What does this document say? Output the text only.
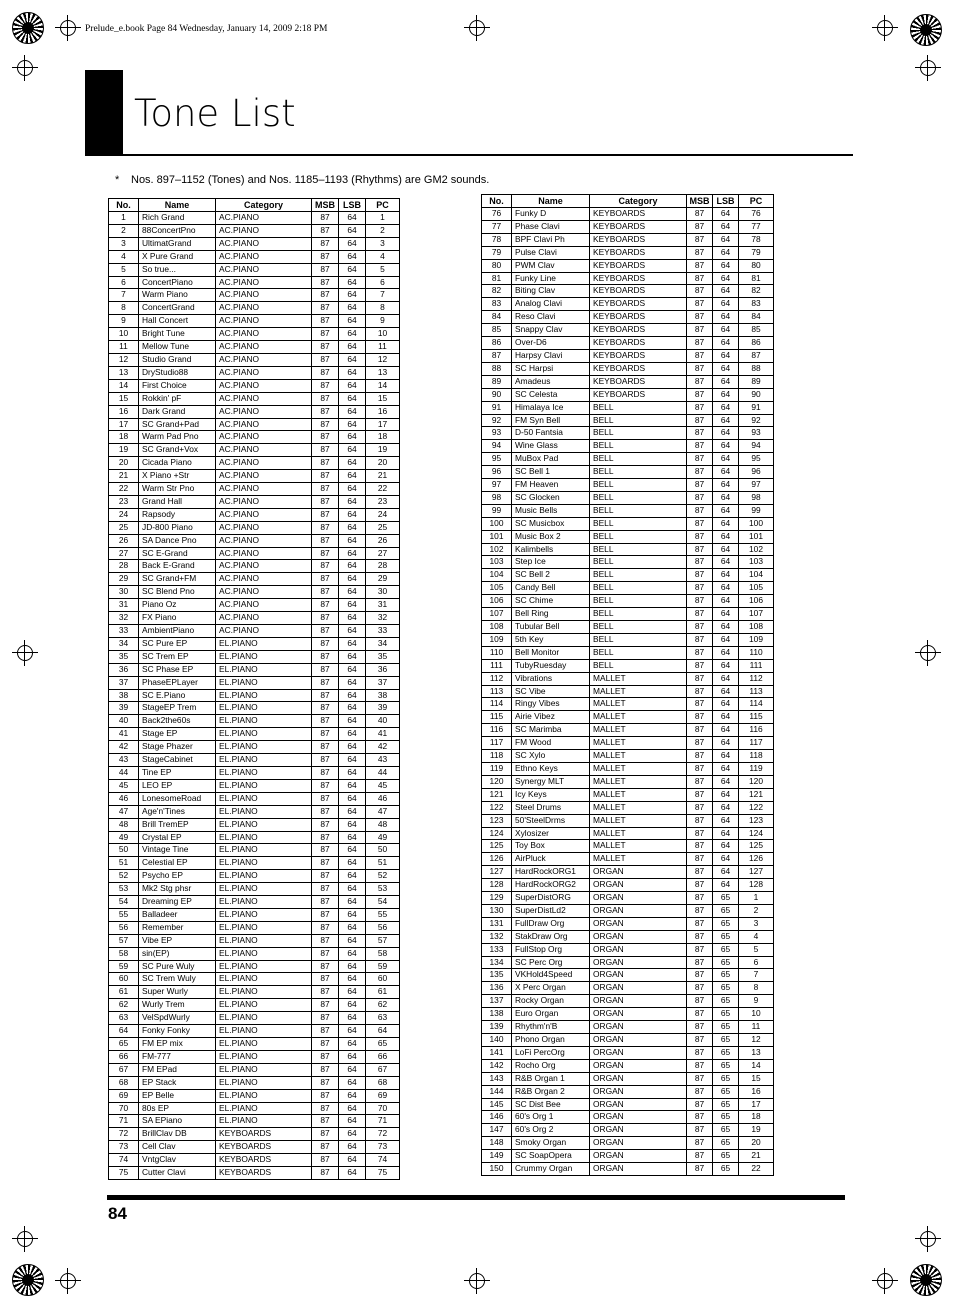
Prelude_e.book Page 84 Wednesday, January 14, 2009 2:18 PM
Tone List
* Nos. 897–1152 (Tones) and Nos. 1185–1193 (Rhythms) are GM2 sounds.
No.	Name	Category	MSB	LSB	PC
1	Rich Grand	AC.PIANO	87	64	1
2	88ConcertPno	AC.PIANO	87	64	2
3	UltimatGrand	AC.PIANO	87	64	3
4	X Pure Grand	AC.PIANO	87	64	4
5	So true...	AC.PIANO	87	64	5
6	ConcertPiano	AC.PIANO	87	64	6
7	Warm Piano	AC.PIANO	87	64	7
8	ConcertGrand	AC.PIANO	87	64	8
9	Hall Concert	AC.PIANO	87	64	9
10	Bright Tune	AC.PIANO	87	64	10
11	Mellow Tune	AC.PIANO	87	64	11
12	Studio Grand	AC.PIANO	87	64	12
13	DryStudio88	AC.PIANO	87	64	13
14	First Choice	AC.PIANO	87	64	14
15	Rokkin' pF	AC.PIANO	87	64	15
16	Dark Grand	AC.PIANO	87	64	16
17	SC Grand+Pad	AC.PIANO	87	64	17
18	Warm Pad Pno	AC.PIANO	87	64	18
19	SC Grand+Vox	AC.PIANO	87	64	19
20	Cicada Piano	AC.PIANO	87	64	20
21	X Piano +Str	AC.PIANO	87	64	21
22	Warm Str Pno	AC.PIANO	87	64	22
23	Grand Hall	AC.PIANO	87	64	23
24	Rapsody	AC.PIANO	87	64	24
25	JD-800 Piano	AC.PIANO	87	64	25
26	SA Dance Pno	AC.PIANO	87	64	26
27	SC E-Grand	AC.PIANO	87	64	27
28	Back E-Grand	AC.PIANO	87	64	28
29	SC Grand+FM	AC.PIANO	87	64	29
30	SC Blend Pno	AC.PIANO	87	64	30
31	Piano Oz	AC.PIANO	87	64	31
32	FX Piano	AC.PIANO	87	64	32
33	AmbientPiano	AC.PIANO	87	64	33
34	SC Pure EP	EL.PIANO	87	64	34
35	SC Trem EP	EL.PIANO	87	64	35
36	SC Phase EP	EL.PIANO	87	64	36
37	PhaseEPLayer	EL.PIANO	87	64	37
38	SC E.Piano	EL.PIANO	87	64	38
39	StageEP Trem	EL.PIANO	87	64	39
40	Back2the60s	EL.PIANO	87	64	40
41	Stage EP	EL.PIANO	87	64	41
42	Stage Phazer	EL.PIANO	87	64	42
43	StageCabinet	EL.PIANO	87	64	43
44	Tine EP	EL.PIANO	87	64	44
45	LEO EP	EL.PIANO	87	64	45
46	LonesomeRoad	EL.PIANO	87	64	46
47	Age'n'Tines	EL.PIANO	87	64	47
48	Brill TremEP	EL.PIANO	87	64	48
49	Crystal EP	EL.PIANO	87	64	49
50	Vintage Tine	EL.PIANO	87	64	50
51	Celestial EP	EL.PIANO	87	64	51
52	Psycho EP	EL.PIANO	87	64	52
53	Mk2 Stg phsr	EL.PIANO	87	64	53
54	Dreaming EP	EL.PIANO	87	64	54
55	Balladeer	EL.PIANO	87	64	55
56	Remember	EL.PIANO	87	64	56
57	Vibe EP	EL.PIANO	87	64	57
58	sin(EP)	EL.PIANO	87	64	58
59	SC Pure Wuly	EL.PIANO	87	64	59
60	SC Trem Wuly	EL.PIANO	87	64	60
61	Super Wurly	EL.PIANO	87	64	61
62	Wurly Trem	EL.PIANO	87	64	62
63	VelSpdWurly	EL.PIANO	87	64	63
64	Fonky Fonky	EL.PIANO	87	64	64
65	FM EP mix	EL.PIANO	87	64	65
66	FM-777	EL.PIANO	87	64	66
67	FM EPad	EL.PIANO	87	64	67
68	EP Stack	EL.PIANO	87	64	68
69	EP Belle	EL.PIANO	87	64	69
70	80s EP	EL.PIANO	87	64	70
71	SA EPiano	EL.PIANO	87	64	71
72	BrillClav DB	KEYBOARDS	87	64	72
73	Cell Clav	KEYBOARDS	87	64	73
74	VntgClav	KEYBOARDS	87	64	74
75	Cutter Clavi	KEYBOARDS	87	64	75
No.	Name	Category	MSB	LSB	PC
76	Funky D	KEYBOARDS	87	64	76
77	Phase Clavi	KEYBOARDS	87	64	77
78	BPF Clavi Ph	KEYBOARDS	87	64	78
79	Pulse Clavi	KEYBOARDS	87	64	79
80	PWM Clav	KEYBOARDS	87	64	80
81	Funky Line	KEYBOARDS	87	64	81
82	Biting Clav	KEYBOARDS	87	64	82
83	Analog Clavi	KEYBOARDS	87	64	83
84	Reso Clavi	KEYBOARDS	87	64	84
85	Snappy Clav	KEYBOARDS	87	64	85
86	Over-D6	KEYBOARDS	87	64	86
87	Harpsy Clavi	KEYBOARDS	87	64	87
88	SC Harpsi	KEYBOARDS	87	64	88
89	Amadeus	KEYBOARDS	87	64	89
90	SC Celesta	KEYBOARDS	87	64	90
91	Himalaya Ice	BELL	87	64	91
92	FM Syn Bell	BELL	87	64	92
93	D-50 Fantsia	BELL	87	64	93
94	Wine Glass	BELL	87	64	94
95	MuBox Pad	BELL	87	64	95
96	SC Bell 1	BELL	87	64	96
97	FM Heaven	BELL	87	64	97
98	SC Glocken	BELL	87	64	98
99	Music Bells	BELL	87	64	99
100	SC Musicbox	BELL	87	64	100
101	Music Box 2	BELL	87	64	101
102	Kalimbells	BELL	87	64	102
103	Step Ice	BELL	87	64	103
104	SC Bell 2	BELL	87	64	104
105	Candy Bell	BELL	87	64	105
106	SC Chime	BELL	87	64	106
107	Bell Ring	BELL	87	64	107
108	Tubular Bell	BELL	87	64	108
109	5th Key	BELL	87	64	109
110	Bell Monitor	BELL	87	64	110
111	TubyRuesday	BELL	87	64	111
112	Vibrations	MALLET	87	64	112
113	SC Vibe	MALLET	87	64	113
114	Ringy Vibes	MALLET	87	64	114
115	Airie Vibez	MALLET	87	64	115
116	SC Marimba	MALLET	87	64	116
117	FM Wood	MALLET	87	64	117
118	SC Xylo	MALLET	87	64	118
119	Ethno Keys	MALLET	87	64	119
120	Synergy MLT	MALLET	87	64	120
121	Icy Keys	MALLET	87	64	121
122	Steel Drums	MALLET	87	64	122
123	50'SteelDrms	MALLET	87	64	123
124	Xylosizer	MALLET	87	64	124
125	Toy Box	MALLET	87	64	125
126	AirPluck	MALLET	87	64	126
127	HardRockORG1	ORGAN	87	64	127
128	HardRockORG2	ORGAN	87	64	128
129	SuperDistORG	ORGAN	87	65	1
130	SuperDistLd2	ORGAN	87	65	2
131	FullDraw Org	ORGAN	87	65	3
132	StakDraw Org	ORGAN	87	65	4
133	FullStop Org	ORGAN	87	65	5
134	SC Perc Org	ORGAN	87	65	6
135	VKHold4Speed	ORGAN	87	65	7
136	X Perc Organ	ORGAN	87	65	8
137	Rocky Organ	ORGAN	87	65	9
138	Euro Organ	ORGAN	87	65	10
139	Rhythm'n'B	ORGAN	87	65	11
140	Phono Organ	ORGAN	87	65	12
141	LoFi PercOrg	ORGAN	87	65	13
142	Rocho Org	ORGAN	87	65	14
143	R&B Organ 1	ORGAN	87	65	15
144	R&B Organ 2	ORGAN	87	65	16
145	SC Dist Bee	ORGAN	87	65	17
146	60's Org 1	ORGAN	87	65	18
147	60's Org 2	ORGAN	87	65	19
148	Smoky Organ	ORGAN	87	65	20
149	SC SoapOpera	ORGAN	87	65	21
150	Crummy Organ	ORGAN	87	65	22
84
